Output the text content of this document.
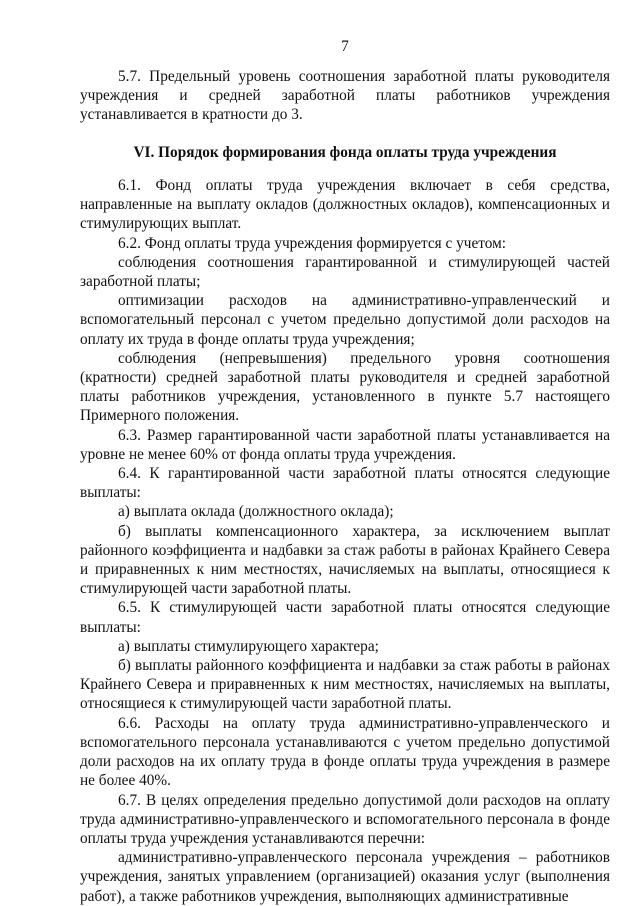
7

5.7. Предельный уровень соотношения заработной платы руководителя учреждения и средней заработной платы работников учреждения устанавливается в кратности до 3.

VI. Порядок формирования фонда оплаты труда учреждения

6.1. Фонд оплаты труда учреждения включает в себя средства, направленные на выплату окладов (должностных окладов), компенсационных и стимулирующих выплат.

6.2. Фонд оплаты труда учреждения формируется с учетом:

соблюдения соотношения гарантированной и стимулирующей частей заработной платы;

оптимизации расходов на административно-управленческий и вспомогательный персонал с учетом предельно допустимой доли расходов на оплату их труда в фонде оплаты труда учреждения;

соблюдения (непревышения) предельного уровня соотношения (кратности) средней заработной платы руководителя и средней заработной платы работников учреждения, установленного в пункте 5.7 настоящего Примерного положения.

6.3. Размер гарантированной части заработной платы устанавливается на уровне не менее 60% от фонда оплаты труда учреждения.

6.4. К гарантированной части заработной платы относятся следующие выплаты:

а) выплата оклада (должностного оклада);

б) выплаты компенсационного характера, за исключением выплат районного коэффициента и надбавки за стаж работы в районах Крайнего Севера и приравненных к ним местностях, начисляемых на выплаты, относящиеся к стимулирующей части заработной платы.

6.5. К стимулирующей части заработной платы относятся следующие выплаты:

а) выплаты стимулирующего характера;

б) выплаты районного коэффициента и надбавки за стаж работы в районах Крайнего Севера и приравненных к ним местностях, начисляемых на выплаты, относящиеся к стимулирующей части заработной платы.

6.6. Расходы на оплату труда административно-управленческого и вспомогательного персонала устанавливаются с учетом предельно допустимой доли расходов на их оплату труда в фонде оплаты труда учреждения в размере не более 40%.

6.7. В целях определения предельно допустимой доли расходов на оплату труда административно-управленческого и вспомогательного персонала в фонде оплаты труда учреждения устанавливаются перечни:

административно-управленческого персонала учреждения – работников учреждения, занятых управлением (организацией) оказания услуг (выполнения работ), а также работников учреждения, выполняющих административные
